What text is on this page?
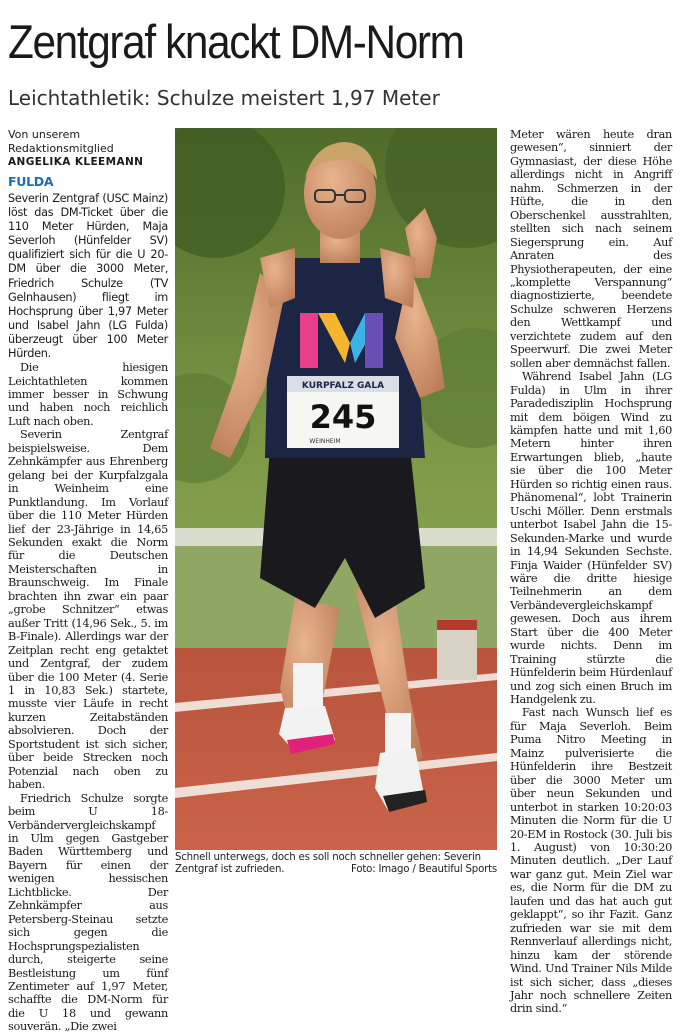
Zentgraf knackt DM-Norm
Leichtathletik: Schulze meistert 1,97 Meter
Von unserem
Redaktionsmitglied
ANGELIKA KLEEMANN
FULDA

Severin Zentgraf (USC Mainz) löst das DM-Ticket über die 110 Meter Hürden, Maja Severloh (Hünfelder SV) qualifiziert sich für die U 20-DM über die 3000 Meter, Friedrich Schulze (TV Gelnhausen) fliegt im Hochsprung über 1,97 Meter und Isabel Jahn (LG Fulda) überzeugt über 100 Meter Hürden.

Die hiesigen Leichtathleten kommen immer besser in Schwung und haben noch reichlich Luft nach oben.

Severin Zentgraf beispielsweise. Dem Zehnkämpfer aus Ehrenberg gelang bei der Kurpfalzgala in Weinheim eine Punktlandung. Im Vorlauf über die 110 Meter Hürden lief der 23-Jährige in 14,65 Sekunden exakt die Norm für die Deutschen Meisterschaften in Braunschweig. Im Finale brachten ihn zwar ein paar „grobe Schnitzer“ etwas außer Tritt (14,96 Sek., 5. im B-Finale). Allerdings war der Zeitplan recht eng getaktet und Zentgraf, der zudem über die 100 Meter (4. Serie 1 in 10,83 Sek.) startete, musste vier Läufe in recht kurzen Zeitabständen absolvieren. Doch der Sportstudent ist sich sicher, über beide Strecken noch Potenzial nach oben zu haben.

Friedrich Schulze sorgte beim U 18-Verbändervergleichskampf in Ulm gegen Gastgeber Baden Württemberg und Bayern für einen der wenigen hessischen Lichtblicke. Der Zehnkämpfer aus Petersberg-Steinau setzte sich gegen die Hochsprungspezialisten durch, steigerte seine Bestleistung um fünf Zentimeter auf 1,97 Meter, schaffte die DM-Norm für die U 18 und gewann souverän. „Die zwei

KURPFALZ GALA
245
WEINHEIM

Meter wären heute dran gewesen“, sinniert der Gymnasiast, der diese Höhe allerdings nicht in Angriff nahm. Schmerzen in der Hüfte, die in den Oberschenkel ausstrahlten, stellten sich nach seinem Siegersprung ein. Auf Anraten des Physiotherapeuten, der eine „komplette Verspannung“ diagnostizierte, beendete Schulze schweren Herzens den Wettkampf und verzichtete zudem auf den Speerwurf. Die zwei Meter sollen aber demnächst fallen.

Während Isabel Jahn (LG Fulda) in Ulm in ihrer Paradedisziplin Hochsprung mit dem böigen Wind zu kämpfen hatte und mit 1,60 Metern hinter ihren Erwartungen blieb, „haute sie über die 100 Meter Hürden so richtig einen raus. Phänomenal“, lobt Trainerin Uschi Möller. Denn erstmals unterbot Isabel Jahn die 15-Sekunden-Marke und wurde in 14,94 Sekunden Sechste. Finja Waider (Hünfelder SV) wäre die dritte hiesige Teilnehmerin an dem Verbändevergleichskampf gewesen. Doch aus ihrem Start über die 400 Meter wurde nichts. Denn im Training stürzte die Hünfelderin beim Hürdenlauf und zog sich einen Bruch im Handgelenk zu.

Fast nach Wunsch lief es für Maja Severloh. Beim Puma Nitro Meeting in Mainz pulverisierte die Hünfelderin ihre Bestzeit über die 3000 Meter um über neun Sekunden und unterbot in starken 10:20:03 Minuten die Norm für die U 20-EM in Rostock (30. Juli bis 1. August) von 10:30:20 Minuten deutlich. „Der Lauf war ganz gut. Mein Ziel war es, die Norm für die DM zu laufen und das hat auch gut geklappt“, so ihr Fazit. Ganz zufrieden war sie mit dem Rennverlauf allerdings nicht, hinzu kam der störende Wind. Und Trainer Nils Milde ist sich sicher, dass „dieses Jahr noch schnellere Zeiten drin sind.“

Schnell unterwegs, doch es soll noch schneller gehen: Severin Zentgraf ist zufrieden.	Foto: Imago / Beautiful Sports
